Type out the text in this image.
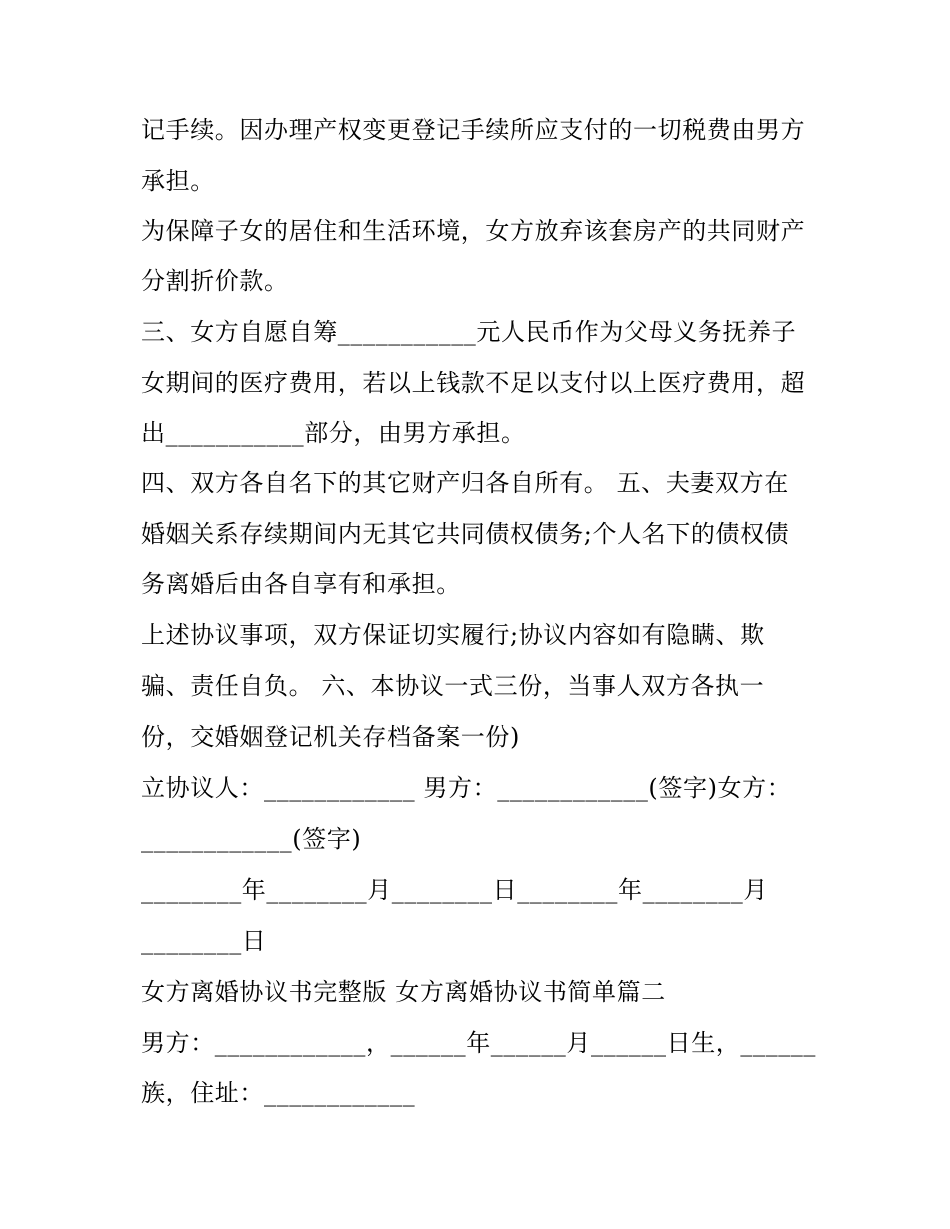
记手续。因办理产权变更登记手续所应支付的一切税费由男方

承担。

为保障子女的居住和生活环境，女方放弃该套房产的共同财产

分割折价款。

三、女方自愿自筹___________元人民币作为父母义务抚养子

女期间的医疗费用，若以上钱款不足以支付以上医疗费用，超

出___________部分，由男方承担。

四、双方各自名下的其它财产归各自所有。 五、夫妻双方在

婚姻关系存续期间内无其它共同债权债务;个人名下的债权债

务离婚后由各自享有和承担。

上述协议事项，双方保证切实履行;协议内容如有隐瞒、欺

骗、责任自负。 六、本协议一式三份，当事人双方各执一

份，交婚姻登记机关存档备案一份)

立协议人：____________ 男方：____________(签字)女方：

____________(签字)

________年________月________日________年________月

________日

女方离婚协议书完整版 女方离婚协议书简单篇二

男方：____________，______年______月______日生，______

族，住址：____________
